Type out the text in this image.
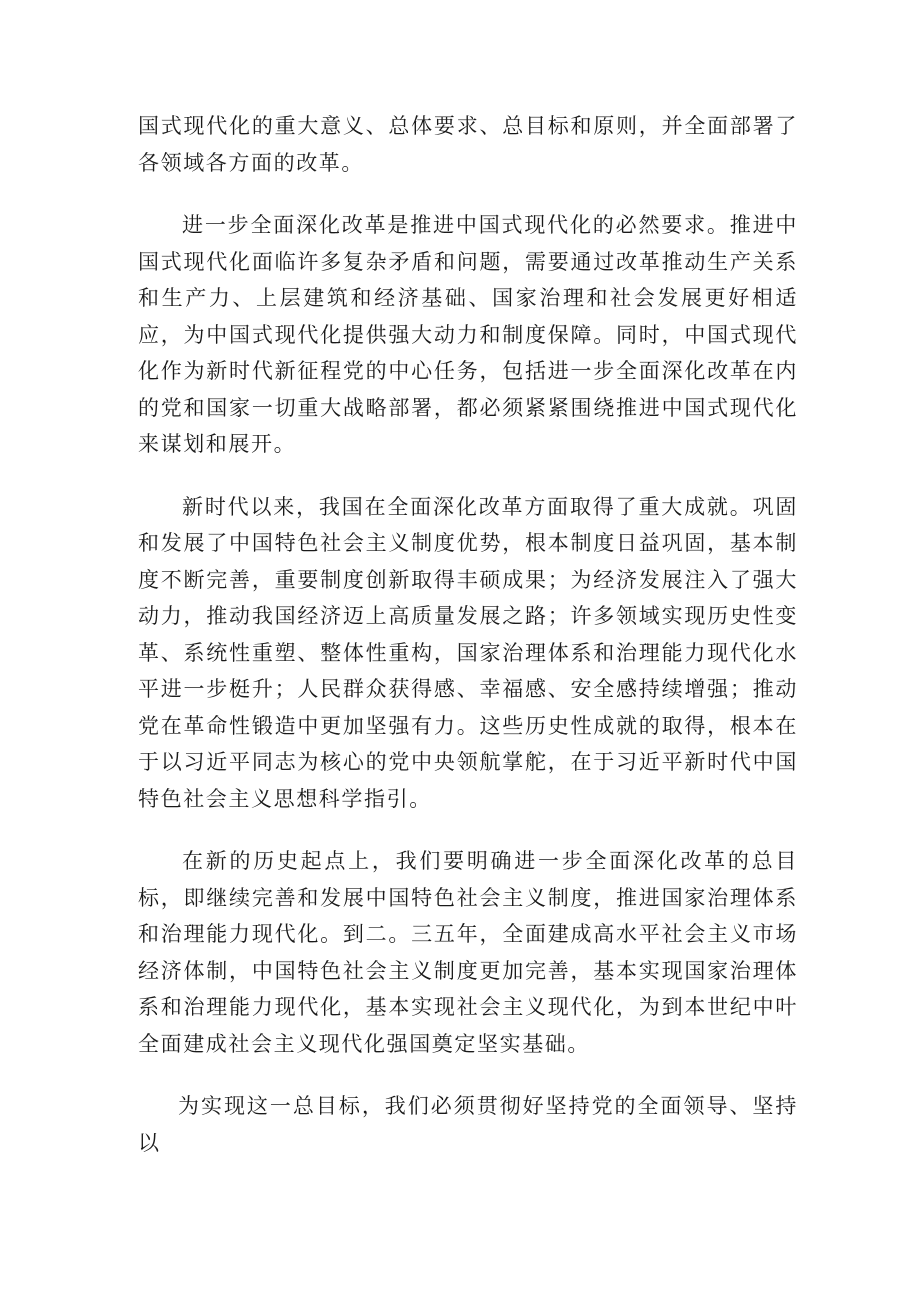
国式现代化的重大意义、总体要求、总目标和原则，并全面部署了各领域各方面的改革。

进一步全面深化改革是推进中国式现代化的必然要求。推进中国式现代化面临许多复杂矛盾和问题，需要通过改革推动生产关系和生产力、上层建筑和经济基础、国家治理和社会发展更好相适应，为中国式现代化提供强大动力和制度保障。同时，中国式现代化作为新时代新征程党的中心任务，包括进一步全面深化改革在内的党和国家一切重大战略部署，都必须紧紧围绕推进中国式现代化来谋划和展开。

新时代以来，我国在全面深化改革方面取得了重大成就。巩固和发展了中国特色社会主义制度优势，根本制度日益巩固，基本制度不断完善，重要制度创新取得丰硕成果；为经济发展注入了强大动力，推动我国经济迈上高质量发展之路；许多领域实现历史性变革、系统性重塑、整体性重构，国家治理体系和治理能力现代化水平进一步梃升；人民群众获得感、幸福感、安全感持续增强；推动党在革命性锻造中更加坚强有力。这些历史性成就的取得，根本在于以习近平同志为核心的党中央领航掌舵，在于习近平新时代中国特色社会主义思想科学指引。

在新的历史起点上，我们要明确进一步全面深化改革的总目标，即继续完善和发展中国特色社会主义制度，推进国家治理体系和治理能力现代化。到二。三五年，全面建成高水平社会主义市场经济体制，中国特色社会主义制度更加完善，基本实现国家治理体系和治理能力现代化，基本实现社会主义现代化，为到本世纪中叶全面建成社会主义现代化强国奠定坚实基础。

为实现这一总目标，我们必须贯彻好坚持党的全面领导、坚持以
